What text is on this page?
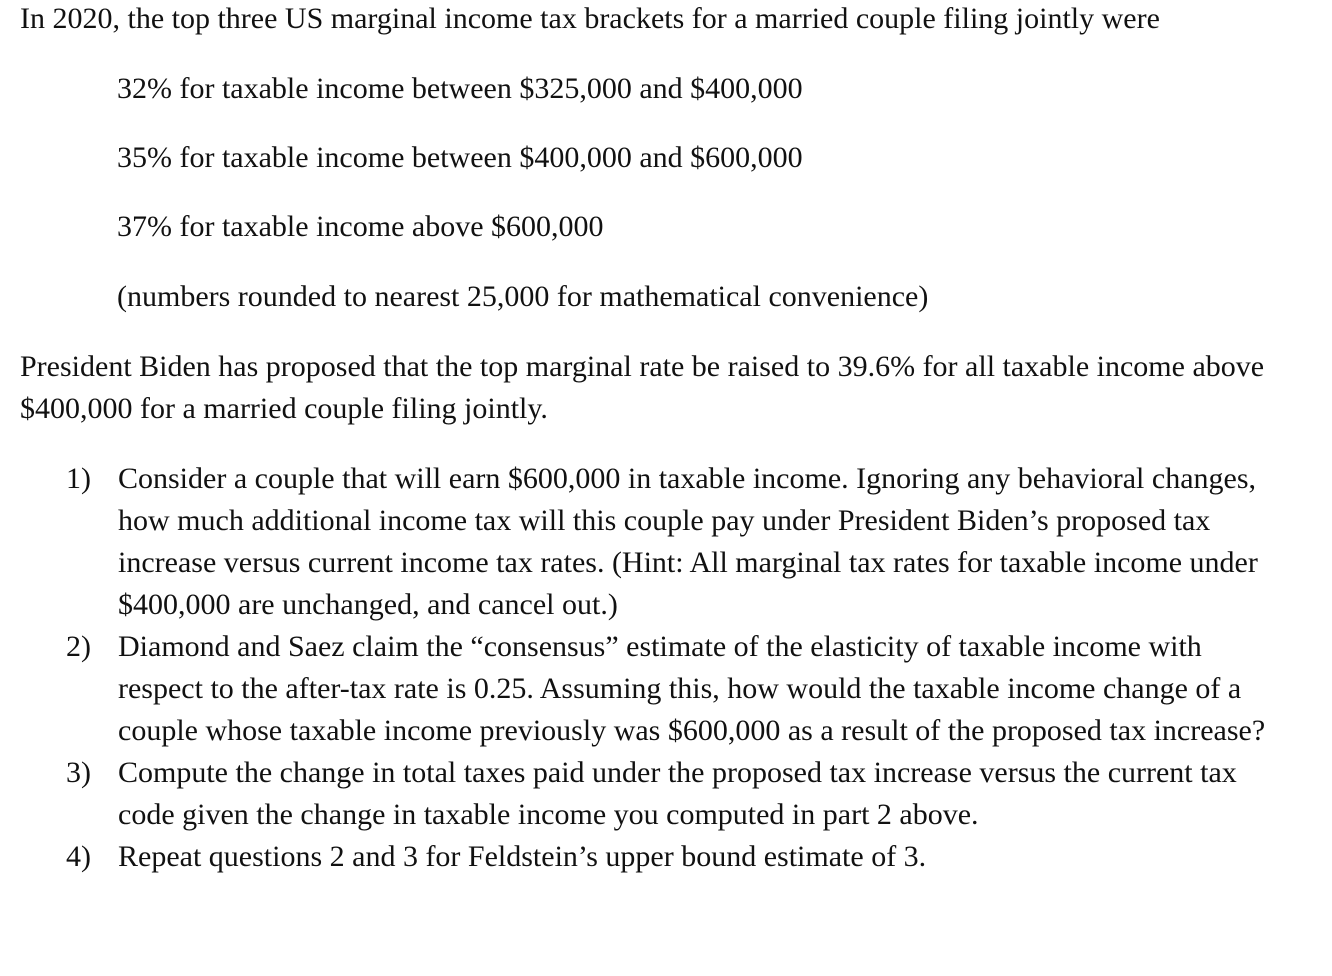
In 2020, the top three US marginal income tax brackets for a married couple filing jointly were
32% for taxable income between $325,000 and $400,000
35% for taxable income between $400,000 and $600,000
37% for taxable income above $600,000
(numbers rounded to nearest 25,000 for mathematical convenience)
President Biden has proposed that the top marginal rate be raised to 39.6% for all taxable income above $400,000 for a married couple filing jointly.
1) Consider a couple that will earn $600,000 in taxable income. Ignoring any behavioral changes, how much additional income tax will this couple pay under President Biden’s proposed tax increase versus current income tax rates. (Hint: All marginal tax rates for taxable income under $400,000 are unchanged, and cancel out.)
2) Diamond and Saez claim the “consensus” estimate of the elasticity of taxable income with respect to the after-tax rate is 0.25. Assuming this, how would the taxable income change of a couple whose taxable income previously was $600,000 as a result of the proposed tax increase?
3) Compute the change in total taxes paid under the proposed tax increase versus the current tax code given the change in taxable income you computed in part 2 above.
4) Repeat questions 2 and 3 for Feldstein’s upper bound estimate of 3.
